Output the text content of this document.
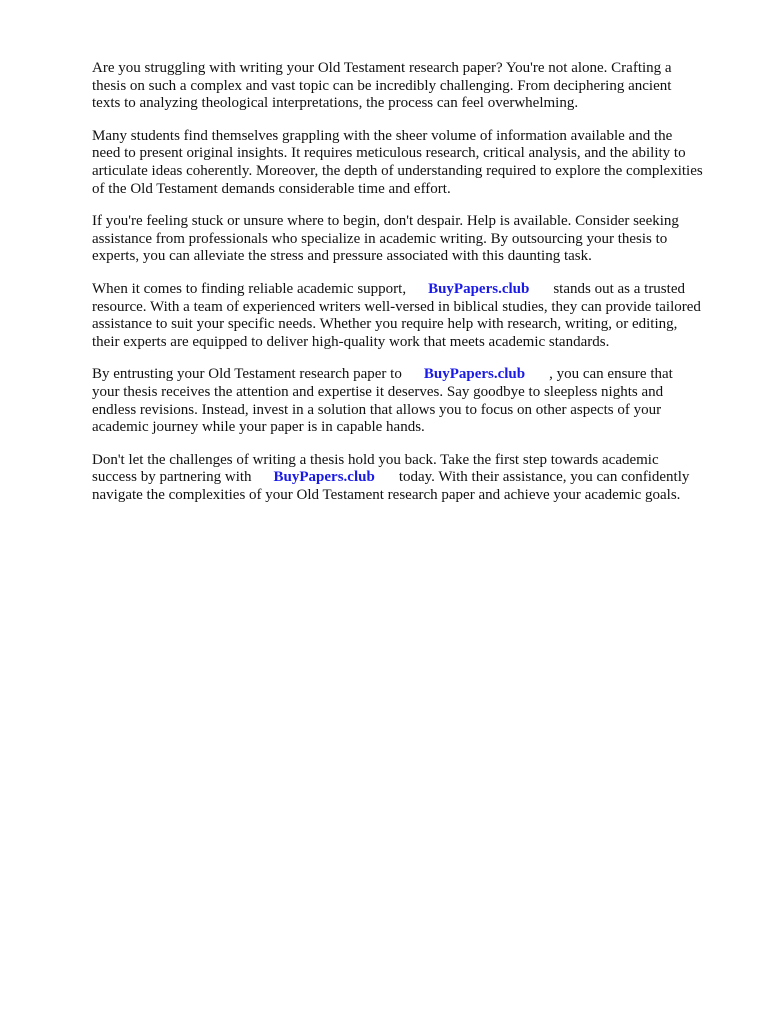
Are you struggling with writing your Old Testament research paper? You're not alone. Crafting a
thesis on such a complex and vast topic can be incredibly challenging. From deciphering ancient
texts to analyzing theological interpretations, the process can feel overwhelming.

Many students find themselves grappling with the sheer volume of information available and the
need to present original insights. It requires meticulous research, critical analysis, and the ability to
articulate ideas coherently. Moreover, the depth of understanding required to explore the complexities
of the Old Testament demands considerable time and effort.

If you're feeling stuck or unsure where to begin, don't despair. Help is available. Consider seeking
assistance from professionals who specialize in academic writing. By outsourcing your thesis to
experts, you can alleviate the stress and pressure associated with this daunting task.

When it comes to finding reliable academic support, BuyPapers.club stands out as a trusted
resource. With a team of experienced writers well-versed in biblical studies, they can provide tailored
assistance to suit your specific needs. Whether you require help with research, writing, or editing,
their experts are equipped to deliver high-quality work that meets academic standards.

By entrusting your Old Testament research paper to BuyPapers.club , you can ensure that
your thesis receives the attention and expertise it deserves. Say goodbye to sleepless nights and
endless revisions. Instead, invest in a solution that allows you to focus on other aspects of your
academic journey while your paper is in capable hands.

Don't let the challenges of writing a thesis hold you back. Take the first step towards academic
success by partnering with BuyPapers.club today. With their assistance, you can confidently
navigate the complexities of your Old Testament research paper and achieve your academic goals.
